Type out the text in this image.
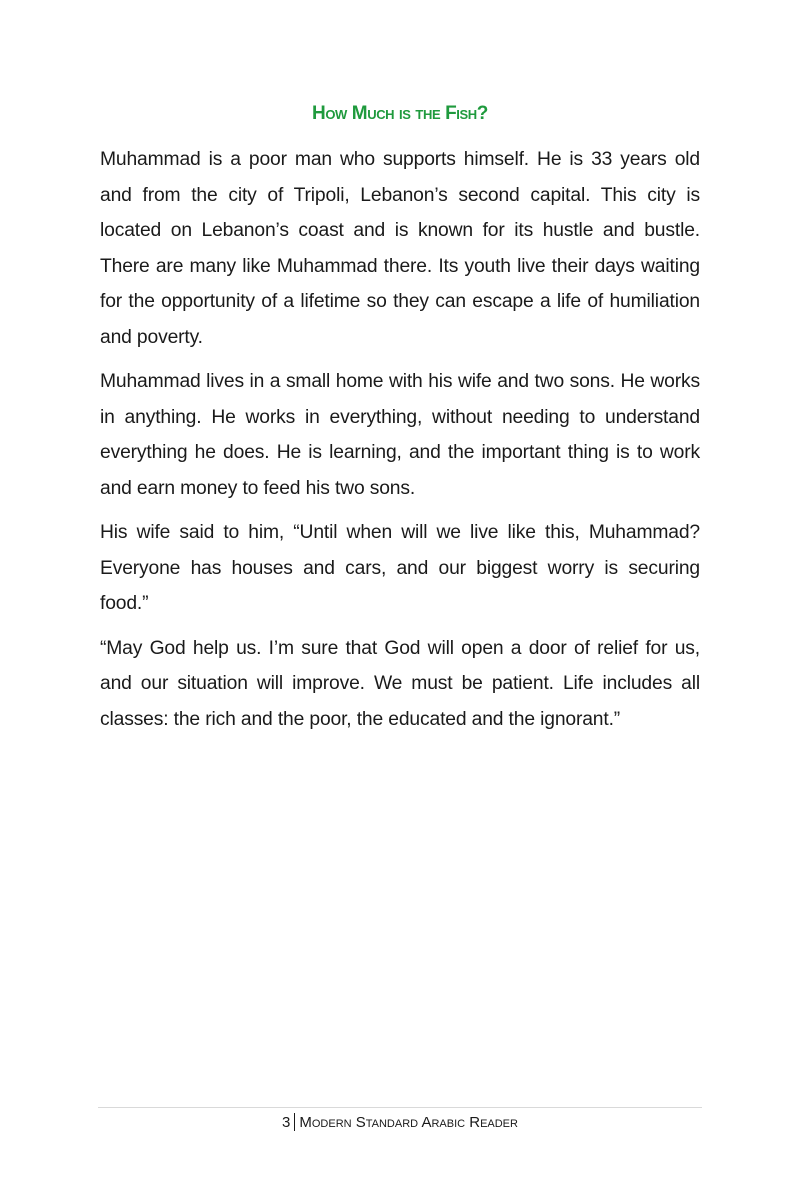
How Much is the Fish?

Muhammad is a poor man who supports himself. He is 33 years old and from the city of Tripoli, Lebanon’s second capital. This city is located on Lebanon’s coast and is known for its hustle and bustle. There are many like Muhammad there. Its youth live their days waiting for the opportunity of a lifetime so they can escape a life of humiliation and poverty.

Muhammad lives in a small home with his wife and two sons. He works in anything. He works in everything, without needing to understand everything he does. He is learning, and the important thing is to work and earn money to feed his two sons.

His wife said to him, “Until when will we live like this, Muhammad? Everyone has houses and cars, and our biggest worry is securing food.”

“May God help us. I’m sure that God will open a door of relief for us, and our situation will improve. We must be patient. Life includes all classes: the rich and the poor, the educated and the ignorant.”

3 Modern Standard Arabic Reader
